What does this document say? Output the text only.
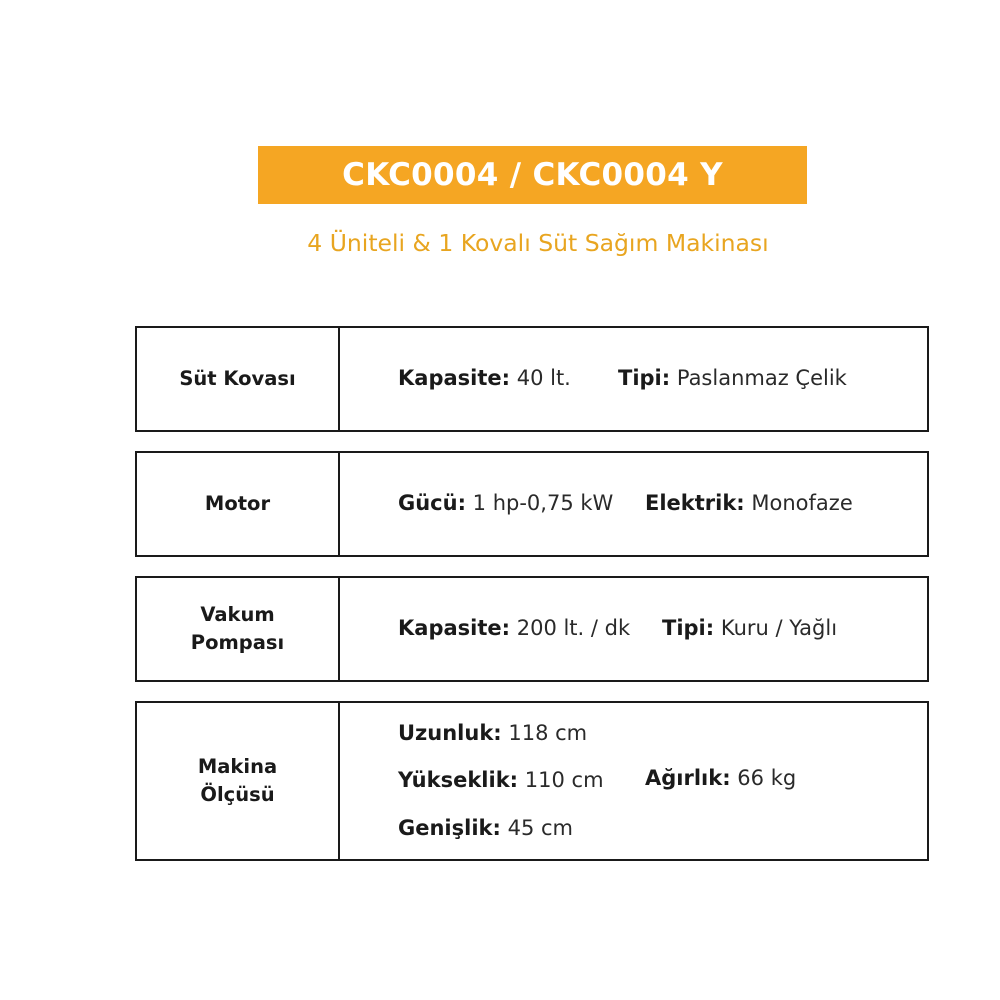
CKC0004 / CKC0004 Y
4 Üniteli & 1 Kovalı Süt Sağım Makinası
Süt Kovası	Kapasite: 40 lt. Tipi: Paslanmaz Çelik
Motor	Gücü: 1 hp-0,75 kW Elektrik: Monofaze
Vakum
Pompası
Kapasite: 200 lt. / dk Tipi: Kuru / Yağlı
Makina
Ölçüsü
Uzunluk: 118 cm
Yükseklik: 110 cm
Genişlik: 45 cm
Ağırlık: 66 kg
